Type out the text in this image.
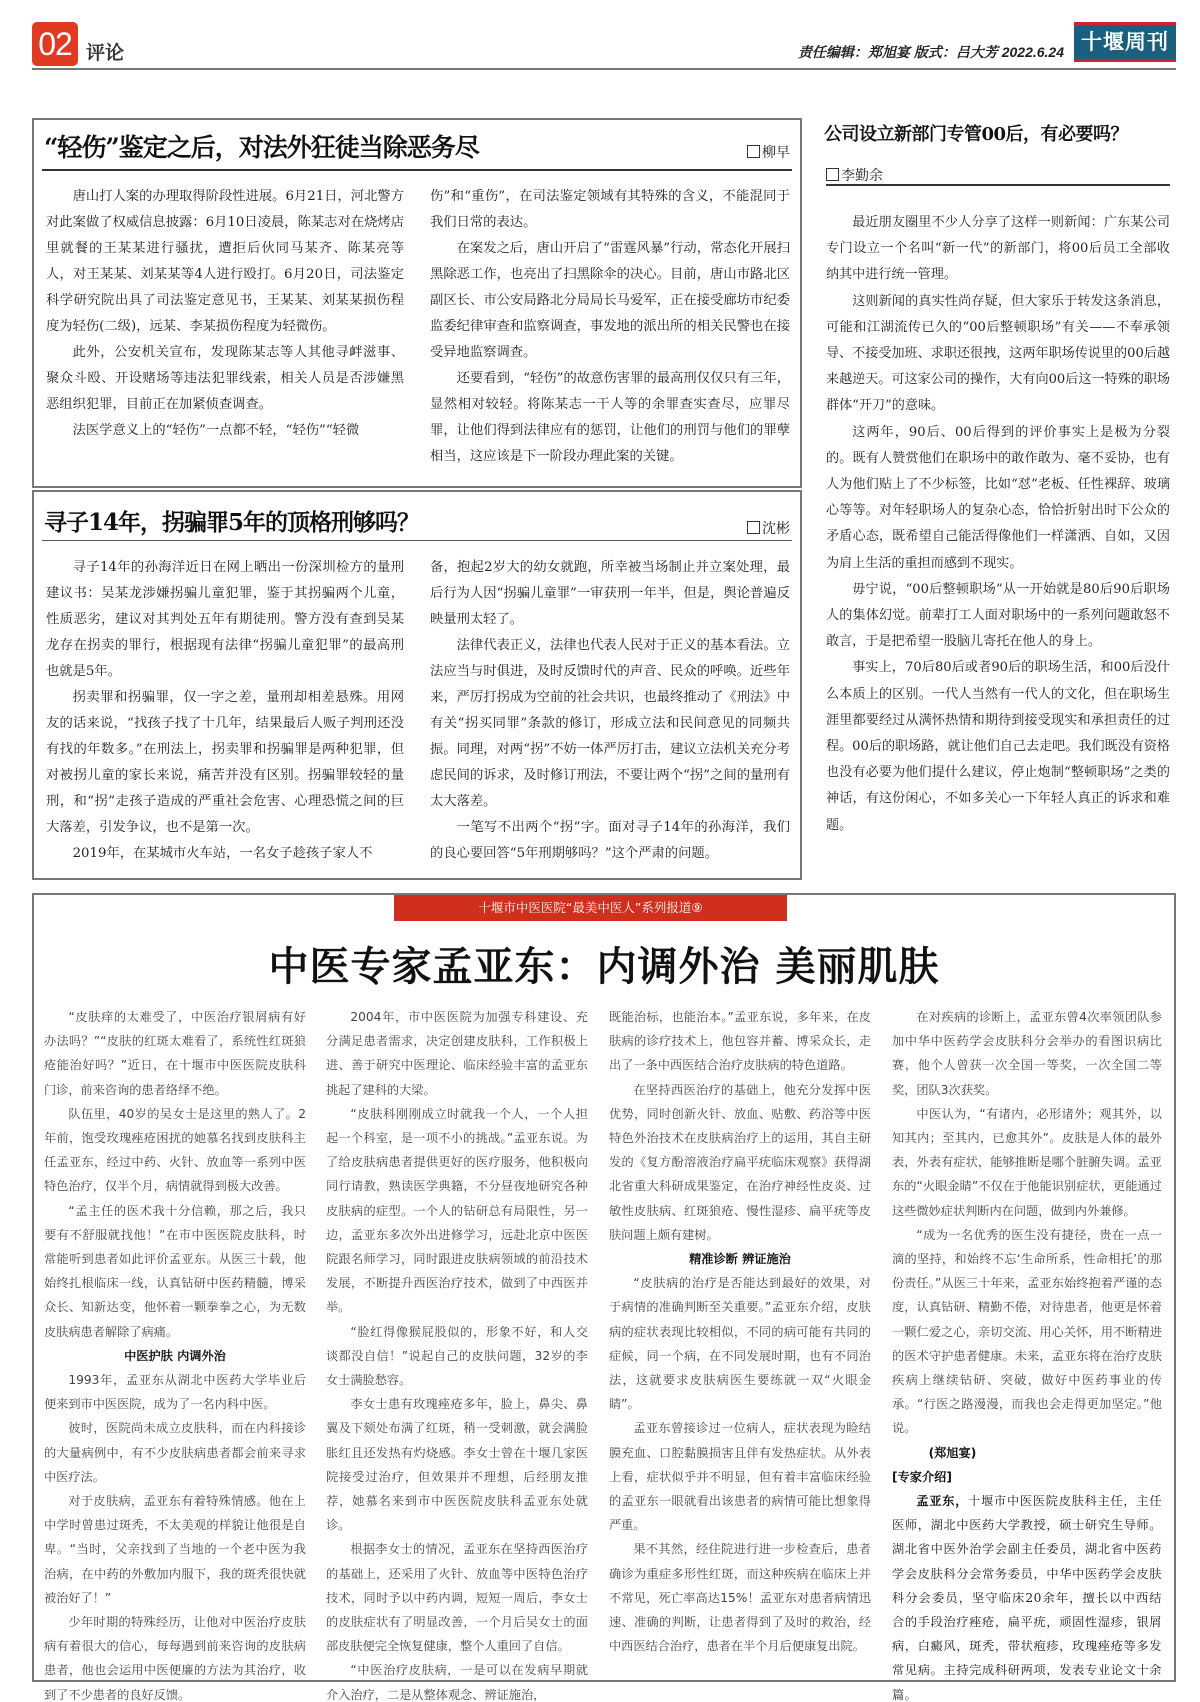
02 评论	责任编辑：郑旭宴 版式：吕大芳 2022.6.24 十堰周刊
“轻伤”鉴定之后，对法外狂徒当除恶务尽	柳早

唐山打人案的办理取得阶段性进展。6月21日，河北警方对此案做了权威信息披露：6月10日凌晨，陈某志对在烧烤店里就餐的王某某进行骚扰，遭拒后伙同马某齐、陈某亮等人，对王某某、刘某某等4人进行殴打。6月20日，司法鉴定科学研究院出具了司法鉴定意见书，王某某、刘某某损伤程度为轻伤(二级)，远某、李某损伤程度为轻微伤。

此外，公安机关宣布，发现陈某志等人其他寻衅滋事、聚众斗殴、开设赌场等违法犯罪线索，相关人员是否涉嫌黑恶组织犯罪，目前正在加紧侦查调查。

法医学意义上的“轻伤”一点都不轻，“轻伤”“轻微

伤”和“重伤”，在司法鉴定领域有其特殊的含义，不能混同于我们日常的表达。

在案发之后，唐山开启了“雷霆风暴”行动，常态化开展扫黑除恶工作，也亮出了扫黑除伞的决心。目前，唐山市路北区副区长、市公安局路北分局局长马爱军，正在接受廊坊市纪委监委纪律审查和监察调查，事发地的派出所的相关民警也在接受异地监察调查。

还要看到，“轻伤”的故意伤害罪的最高刑仅仅只有三年，显然相对较轻。将陈某志一干人等的余罪查实查尽，应罪尽罪，让他们得到法律应有的惩罚，让他们的刑罚与他们的罪孽相当，这应该是下一阶段办理此案的关键。

寻子14年，拐骗罪5年的顶格刑够吗？	沈彬

寻子14年的孙海洋近日在网上晒出一份深圳检方的量刑建议书：吴某龙涉嫌拐骗儿童犯罪，鉴于其拐骗两个儿童，性质恶劣，建议对其判处五年有期徒刑。警方没有查到吴某龙存在拐卖的罪行，根据现有法律“拐骗儿童犯罪”的最高刑也就是5年。

拐卖罪和拐骗罪，仅一字之差，量刑却相差悬殊。用网友的话来说，“找孩子找了十几年，结果最后人贩子判刑还没有找的年数多。”在刑法上，拐卖罪和拐骗罪是两种犯罪，但对被拐儿童的家长来说，痛苦并没有区别。拐骗罪较轻的量刑，和“拐”走孩子造成的严重社会危害、心理恐慌之间的巨大落差，引发争议，也不是第一次。

2019年，在某城市火车站，一名女子趁孩子家人不

备，抱起2岁大的幼女就跑，所幸被当场制止并立案处理，最后行为人因“拐骗儿童罪”一审获刑一年半，但是，舆论普遍反映量刑太轻了。

法律代表正义，法律也代表人民对于正义的基本看法。立法应当与时俱进，及时反馈时代的声音、民众的呼唤。近些年来，严厉打拐成为空前的社会共识，也最终推动了《刑法》中有关“拐买同罪”条款的修订，形成立法和民间意见的同频共振。同理，对两“拐”不妨一体严厉打击，建议立法机关充分考虑民间的诉求，及时修订刑法，不要让两个“拐”之间的量刑有太大落差。

一笔写不出两个“拐”字。面对寻子14年的孙海洋，我们的良心要回答“5年刑期够吗？”这个严肃的问题。

公司设立新部门专管00后，有必要吗？
李勤余

最近朋友圈里不少人分享了这样一则新闻：广东某公司专门设立一个名叫“新一代”的新部门，将00后员工全部收纳其中进行统一管理。

这则新闻的真实性尚存疑，但大家乐于转发这条消息，可能和江湖流传已久的“00后整顿职场”有关——不奉承领导、不接受加班、求职还很拽，这两年职场传说里的00后越来越逆天。可这家公司的操作，大有向00后这一特殊的职场群体“开刀”的意味。

这两年，90后、00后得到的评价事实上是极为分裂的。既有人赞赏他们在职场中的敢作敢为、毫不妥协，也有人为他们贴上了不少标签，比如“怼”老板、任性裸辞、玻璃心等等。对年轻职场人的复杂心态，恰恰折射出时下公众的矛盾心态，既希望自己能活得像他们一样潇洒、自如，又因为肩上生活的重担而感到不现实。

毋宁说，“00后整顿职场”从一开始就是80后90后职场人的集体幻觉。前辈打工人面对职场中的一系列问题敢怒不敢言，于是把希望一股脑儿寄托在他人的身上。

事实上，70后80后或者90后的职场生活，和00后没什么本质上的区别。一代人当然有一代人的文化，但在职场生涯里都要经过从满怀热情和期待到接受现实和承担责任的过程。00后的职场路，就让他们自己去走吧。我们既没有资格也没有必要为他们提什么建议，停止炮制“整顿职场”之类的神话，有这份闲心，不如多关心一下年轻人真正的诉求和难题。

十堰市中医医院“最美中医人”系列报道⑨
中医专家孟亚东：内调外治 美丽肌肤

“皮肤痒的太难受了，中医治疗银屑病有好办法吗？”“皮肤的红斑太难看了，系统性红斑狼疮能治好吗？”近日，在十堰市中医医院皮肤科门诊，前来咨询的患者络绎不绝。

队伍里，40岁的吴女士是这里的熟人了。2年前，饱受玫瑰痤疮困扰的她慕名找到皮肤科主任孟亚东，经过中药、火针、放血等一系列中医特色治疗，仅半个月，病情就得到极大改善。

“孟主任的医术我十分信赖，那之后，我只要有不舒服就找他！”在市中医医院皮肤科，时常能听到患者如此评价孟亚东。从医三十载，他始终扎根临床一线，认真钻研中医药精髓，博采众长、知新达变，他怀着一颗拳拳之心，为无数皮肤病患者解除了病痛。

中医护肤 内调外治

1993年，孟亚东从湖北中医药大学毕业后便来到市中医医院，成为了一名内科中医。

彼时，医院尚未成立皮肤科，而在内科接诊的大量病例中，有不少皮肤病患者都会前来寻求中医疗法。

对于皮肤病，孟亚东有着特殊情感。他在上中学时曾患过斑秃，不太美观的样貌让他很是自卑。“当时，父亲找到了当地的一个老中医为我治病，在中药的外敷加内服下，我的斑秃很快就被治好了！”

少年时期的特殊经历，让他对中医治疗皮肤病有着很大的信心，每每遇到前来咨询的皮肤病患者，他也会运用中医便廉的方法为其治疗，收到了不少患者的良好反馈。

2004年，市中医医院为加强专科建设、充分满足患者需求，决定创建皮肤科，工作积极上进、善于研究中医理论、临床经验丰富的孟亚东挑起了建科的大梁。

“皮肤科刚刚成立时就我一个人，一个人担起一个科室，是一项不小的挑战。”孟亚东说。为了给皮肤病患者提供更好的医疗服务，他积极向同行请教，熟读医学典籍，不分昼夜地研究各种皮肤病的症型。一个人的钻研总有局限性，另一边，孟亚东多次外出进修学习，远赴北京中医医院跟名师学习，同时跟进皮肤病领域的前沿技术发展，不断提升西医治疗技术，做到了中西医并举。

“脸红得像猴屁股似的，形象不好，和人交谈都没自信！”说起自己的皮肤问题，32岁的李女士满脸愁容。

李女士患有玫瑰痤疮多年，脸上，鼻尖、鼻翼及下颏处布满了红斑，稍一受刺激，就会满脸胀红且还发热有灼烧感。李女士曾在十堰几家医院接受过治疗，但效果并不理想，后经朋友推荐，她慕名来到市中医医院皮肤科孟亚东处就诊。

根据李女士的情况，孟亚东在坚持西医治疗的基础上，还采用了火针、放血等中医特色治疗技术，同时予以中药内调，短短一周后，李女士的皮肤症状有了明显改善，一个月后吴女士的面部皮肤便完全恢复健康，整个人重回了自信。

“中医治疗皮肤病，一是可以在发病早期就介入治疗，二是从整体观念、辨证施治，

既能治标，也能治本。”孟亚东说，多年来，在皮肤病的诊疗技术上，他包容并蓄、博采众长，走出了一条中西医结合治疗皮肤病的特色道路。

在坚持西医治疗的基础上，他充分发挥中医优势，同时创新火针、放血、贴敷、药浴等中医特色外治技术在皮肤病治疗上的运用，其自主研发的《复方酚溶液治疗扁平疣临床观察》获得湖北省重大科研成果鉴定，在治疗神经性皮炎、过敏性皮肤病、红斑狼疮、慢性湿疹、扁平疣等皮肤问题上颇有建树。

精准诊断 辨证施治

“皮肤病的治疗是否能达到最好的效果，对于病情的准确判断至关重要。”孟亚东介绍，皮肤病的症状表现比较相似，不同的病可能有共同的症候，同一个病，在不同发展时期，也有不同治法，这就要求皮肤病医生要练就一双“火眼金睛”。

孟亚东曾接诊过一位病人，症状表现为睑结膜充血、口腔黏膜损害且伴有发热症状。从外表上看，症状似乎并不明显，但有着丰富临床经验的孟亚东一眼就看出该患者的病情可能比想象得严重。

果不其然，经住院进行进一步检查后，患者确诊为重症多形性红斑，而这种疾病在临床上并不常见，死亡率高达15%！孟亚东对患者病情迅速、准确的判断，让患者得到了及时的救治，经中西医结合治疗，患者在半个月后便康复出院。

在对疾病的诊断上，孟亚东曾4次率领团队参加中华中医药学会皮肤科分会举办的看图识病比赛，他个人曾获一次全国一等奖，一次全国二等奖，团队3次获奖。

中医认为，“有诸内，必形诸外；观其外，以知其内；至其内，已愈其外”。皮肤是人体的最外表，外表有症状，能够推断是哪个脏腑失调。孟亚东的“火眼金睛”不仅在于他能识别症状，更能通过这些微妙症状判断内在问题，做到内外兼修。

“成为一名优秀的医生没有捷径，贵在一点一滴的坚持，和始终不忘‘生命所系，性命相托’的那份责任。”从医三十年来，孟亚东始终抱着严谨的态度，认真钻研、精勤不倦，对待患者，他更是怀着一颗仁爱之心，亲切交流、用心关怀，用不断精进的医术守护患者健康。未来，孟亚东将在治疗皮肤疾病上继续钻研、突破，做好中医药事业的传承。“行医之路漫漫，而我也会走得更加坚定。”他说。

(郑旭宴)
[专家介绍]

孟亚东，十堰市中医医院皮肤科主任，主任医师，湖北中医药大学教授，硕士研究生导师。湖北省中医外治学会副主任委员，湖北省中医药学会皮肤科分会常务委员，中华中医药学会皮肤科分会委员，坚守临床20余年，擅长以中西结合的手段治疗痤疮，扁平疣，顽固性湿疹，银屑病，白癜风，斑秃，带状疱疹，玫瑰痤疮等多发常见病。主持完成科研两项，发表专业论文十余篇。
